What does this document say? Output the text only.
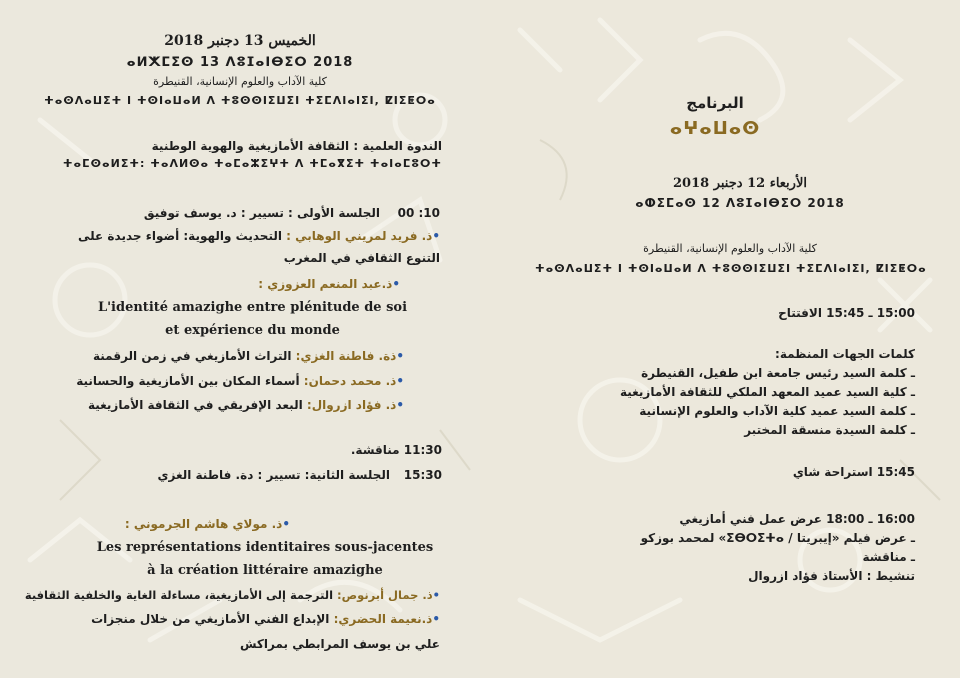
الخميس 13 دجنبر 2018
ⴰⵍⵅⵎⵉⵙ 13 ⴷⵓⵊⴰⵏⴱⵉⵔ 2018
كلية الآداب والعلوم الإنسانية، القنيطرة
ⵜⴰⵙⴷⴰⵡⵉⵜ ⵏ ⵜⵙⵏⴰⵡⴰⵍ ⴷ ⵜⵓⵙⵙⵏⵉⵡⵉⵏ ⵜⵉⵎⴷⵏⴰⵏⵉⵏ, ⵇⵏⵉⵟⵔⴰ
الندوة العلمية : الثقافة الأمازيغية والهوية الوطنية
ⵜⴰⵎⵙⴰⵍⵉⵜ: ⵜⴰⴷⵍⵙⴰ ⵜⴰⵎⴰⵣⵉⵖⵜ ⴷ ⵜⵎⴰⴳⵉⵜ ⵜⴰⵏⴰⵎⵓⵔⵜ
10: 00
الجلسة الأولى : تسيير : د. يوسف توفيق
•ذ. فريد لمريني الوهابي : التحديث والهوية: أضواء جديدة على
التنوع الثقافي في المغرب
•ذ.عبد المنعم العزوزي :
L'identité amazighe entre plénitude de soi
et expérience du monde
•ذة. فاطنة الغزي: التراث الأمازيغي في زمن الرقمنة
•ذ. محمد دحمان: أسماء المكان بين الأمازيغية والحسانية
•ذ. فؤاد ازروال: البعد الإفريقي في الثقافة الأمازيغية
11:30 مناقشة.
15:30
الجلسة الثانية: تسيير : دة. فاطنة الغزي
•ذ. مولاي هاشم الجرموني :
Les représentations identitaires sous-jacentes
à la création littéraire amazighe
•ذ. جمال أبرنوص: الترجمة إلى الأمازيغية، مساءلة الغاية والخلفية الثقافية
•ذ.نعيمة الحضري: الإبداع الفني الأمازيغي من خلال منجزات
علي بن يوسف المرابطي بمراكش
البرنامج
ⴰⵖⴰⵡⴰⵙ
الأربعاء 12 دجنبر 2018
ⴰⵀⵉⵎⴰⵙ 12 ⴷⵓⵊⴰⵏⴱⵉⵔ 2018
كلية الآداب والعلوم الإنسانية، القنيطرة
ⵜⴰⵙⴷⴰⵡⵉⵜ ⵏ ⵜⵙⵏⴰⵡⴰⵍ ⴷ ⵜⵓⵙⵙⵏⵉⵡⵉⵏ ⵜⵉⵎⴷⵏⴰⵏⵉⵏ, ⵇⵏⵉⵟⵔⴰ
15:00 ـ 15:45 الافتتاح
كلمات الجهات المنظمة:
ـ كلمة السيد رئيس جامعة ابن طفيل، القنيطرة
ـ كلية السيد عميد المعهد الملكي للثقافة الأمازيغية
ـ كلمة السيد عميد كلية الآداب والعلوم الإنسانية
ـ كلمة السيدة منسقة المختبر
15:45 استراحة شاي
16:00 ـ 18:00 عرض عمل فني أمازيغي
ـ عرض فيلم «إيبريتا / ⵉⴱⵔⵉⵜⴰ» لمحمد بوزكو
ـ مناقشة
تنشيط : الأستاذ فؤاد ازروال
